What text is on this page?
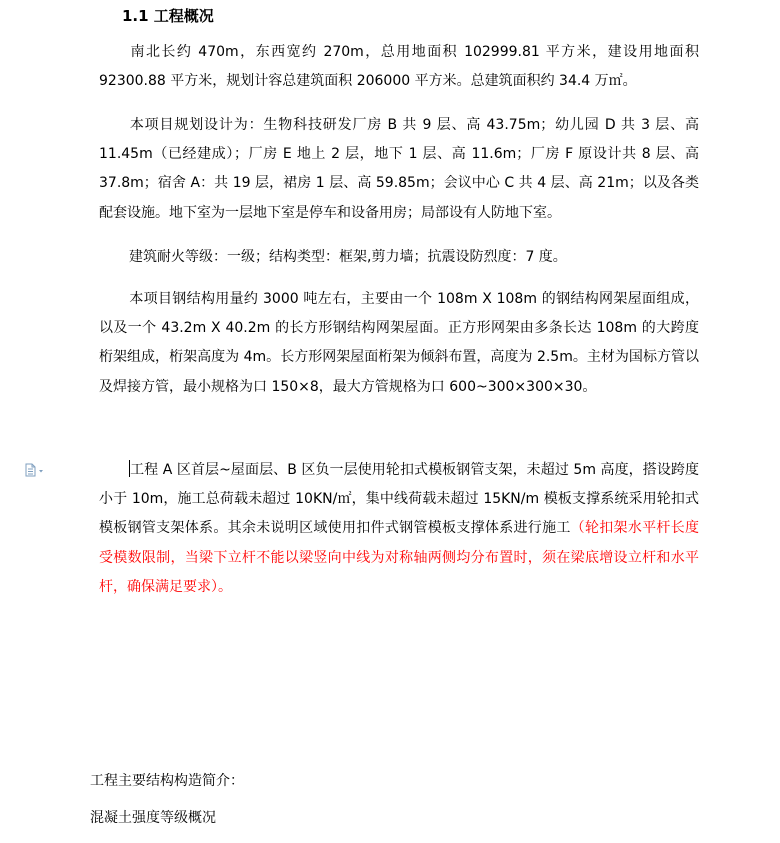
1.1 工程概况
南北长约 470m，东西宽约 270m，总用地面积 102999.81 平方米，建设用地面积 92300.88 平方米，规划计容总建筑面积 206000 平方米。总建筑面积约 34.4 万㎡。
本项目规划设计为：生物科技研发厂房 B 共 9 层、高 43.75m；幼儿园 D 共 3 层、高 11.45m（已经建成）；厂房 E 地上 2 层，地下 1 层、高 11.6m；厂房 F 原设计共 8 层、高 37.8m；宿舍 A：共 19 层，裙房 1 层、高 59.85m；会议中心 C 共 4 层、高 21m；以及各类配套设施。地下室为一层地下室是停车和设备用房；局部设有人防地下室。
建筑耐火等级：一级；结构类型：框架,剪力墙；抗震设防烈度：7 度。
本项目钢结构用量约 3000 吨左右，主要由一个 108m X 108m 的钢结构网架屋面组成，以及一个 43.2m X 40.2m 的长方形钢结构网架屋面。正方形网架由多条长达 108m 的大跨度桁架组成，桁架高度为 4m。长方形网架屋面桁架为倾斜布置，高度为 2.5m。主材为国标方管以及焊接方管，最小规格为口 150×8，最大方管规格为口 600~300×300×30。
工程 A 区首层~屋面层、B 区负一层使用轮扣式模板钢管支架，未超过 5m 高度，搭设跨度小于 10m，施工总荷载未超过 10KN/㎡，集中线荷载未超过 15KN/m 模板支撑系统采用轮扣式模板钢管支架体系。其余未说明区域使用扣件式钢管模板支撑体系进行施工（轮扣架水平杆长度受模数限制，当梁下立杆不能以梁竖向中线为对称轴两侧均分布置时，须在梁底增设立杆和水平杆，确保满足要求）。
工程主要结构构造简介：
混凝土强度等级概况
